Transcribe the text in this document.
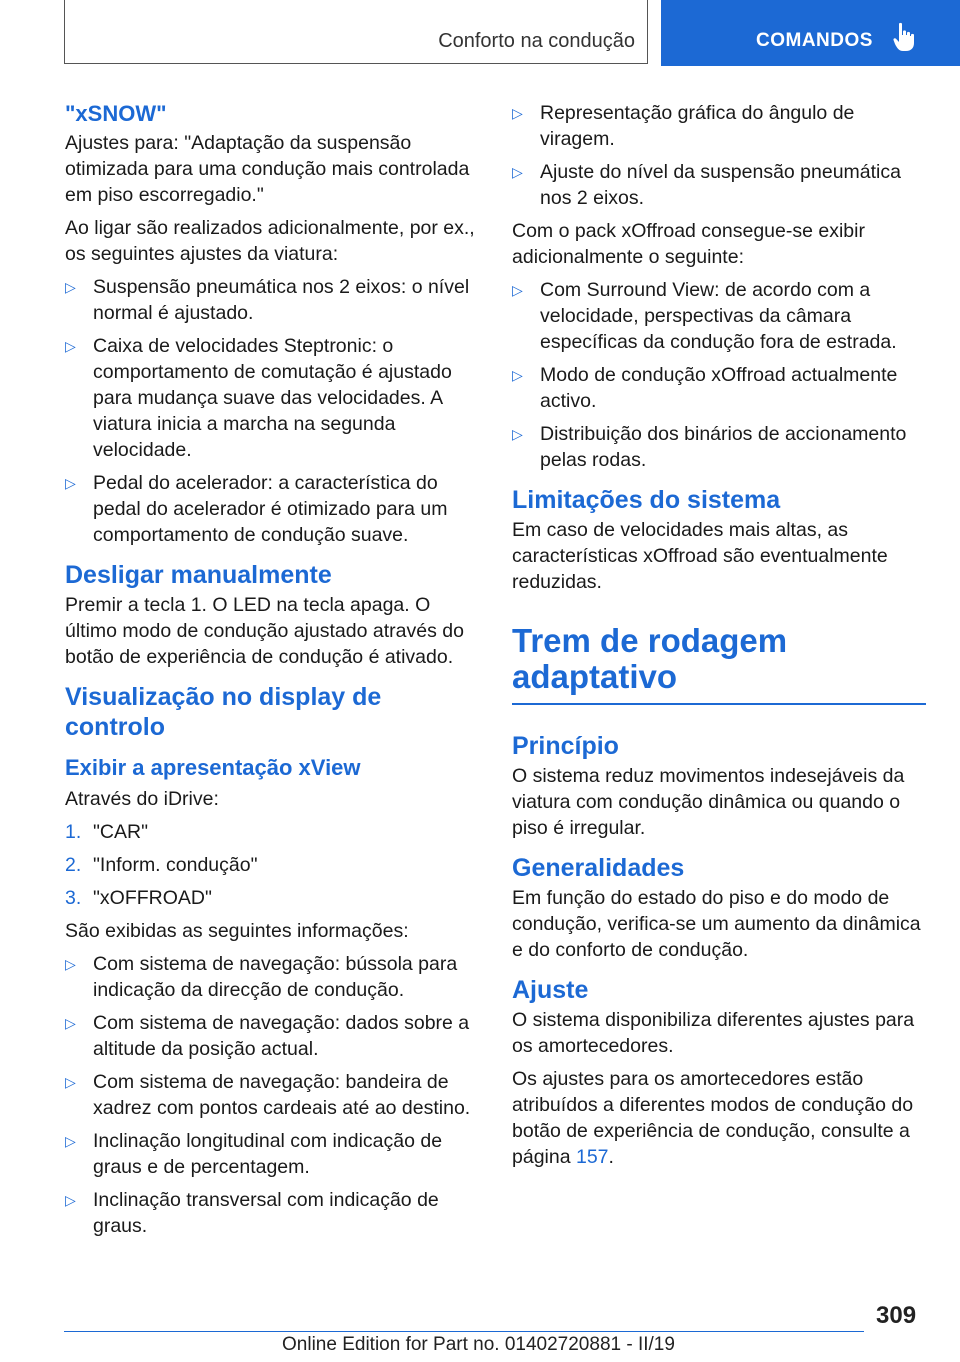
Conforto na condução	COMANDOS
"xSNOW"

Ajustes para: "Adaptação da suspensão otimizada para uma condução mais controlada em piso escorregadio."

Ao ligar são realizados adicionalmente, por ex., os seguintes ajustes da viatura:

▷ Suspensão pneumática nos 2 eixos: o nível normal é ajustado.
▷ Caixa de velocidades Steptronic: o comportamento de comutação é ajustado para mudança suave das velocidades. A viatura inicia a marcha na segunda velocidade.
▷ Pedal do acelerador: a característica do pedal do acelerador é otimizado para um comportamento de condução suave.
Desligar manualmente

Premir a tecla 1. O LED na tecla apaga. O último modo de condução ajustado através do botão de experiência de condução é ativado.

Visualização no display de controlo
Exibir a apresentação xView

Através do iDrive:

1. "CAR"
2. "Inform. condução"
3. "xOFFROAD"

São exibidas as seguintes informações:

▷ Com sistema de navegação: bússola para indicação da direcção de condução.
▷ Com sistema de navegação: dados sobre a altitude da posição actual.
▷ Com sistema de navegação: bandeira de xadrez com pontos cardeais até ao destino.
▷ Inclinação longitudinal com indicação de graus e de percentagem.
▷ Inclinação transversal com indicação de graus.
▷ Representação gráfica do ângulo de viragem.
▷ Ajuste do nível da suspensão pneumática nos 2 eixos.

Com o pack xOffroad consegue-se exibir adicionalmente o seguinte:

▷ Com Surround View: de acordo com a velocidade, perspectivas da câmara específicas da condução fora de estrada.
▷ Modo de condução xOffroad actualmente activo.
▷ Distribuição dos binários de accionamento pelas rodas.
Limitações do sistema

Em caso de velocidades mais altas, as características xOffroad são eventualmente reduzidas.

Trem de rodagem adaptativo
Princípio

O sistema reduz movimentos indesejáveis da viatura com condução dinâmica ou quando o piso é irregular.

Generalidades

Em função do estado do piso e do modo de condução, verifica-se um aumento da dinâmica e do conforto de condução.

Ajuste

O sistema disponibiliza diferentes ajustes para os amortecedores.

Os ajustes para os amortecedores estão atribuídos a diferentes modos de condução do botão de experiência de condução, consulte a página 157.

309
Online Edition for Part no. 01402720881 - II/19
